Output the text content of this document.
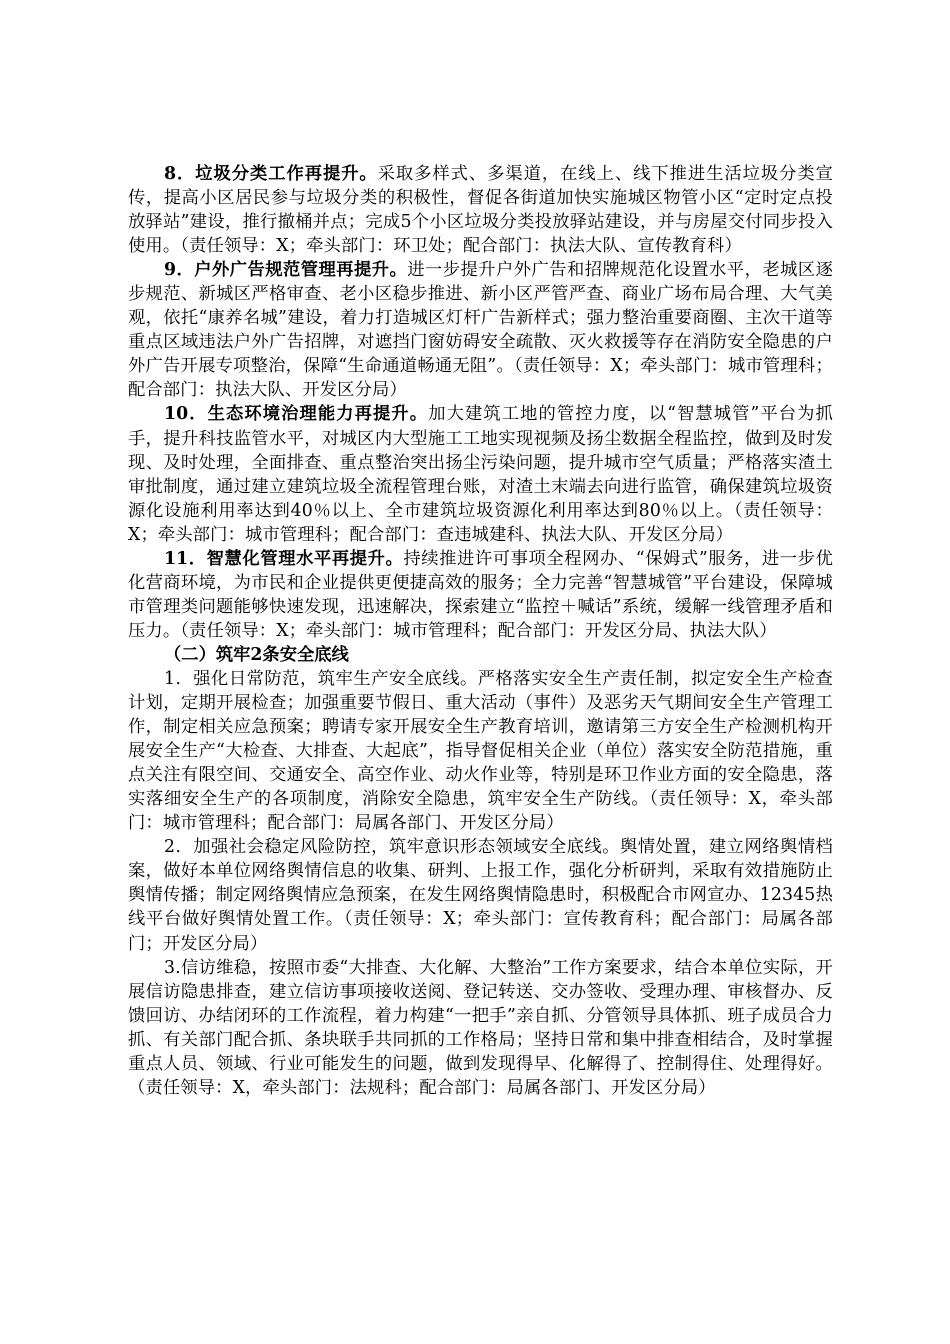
8．垃圾分类工作再提升。采取多样式、多渠道，在线上、线下推进生活垃圾分类宣传，提高小区居民参与垃圾分类的积极性，督促各街道加快实施城区物管小区“定时定点投放驿站”建设，推行撤桶并点；完成5个小区垃圾分类投放驿站建设，并与房屋交付同步投入使用。（责任领导：X；牵头部门：环卫处；配合部门：执法大队、宣传教育科）

9．户外广告规范管理再提升。进一步提升户外广告和招牌规范化设置水平，老城区逐步规范、新城区严格审查、老小区稳步推进、新小区严管严查、商业广场布局合理、大气美观，依托“康养名城”建设，着力打造城区灯杆广告新样式；强力整治重要商圈、主次干道等重点区域违法户外广告招牌，对遮挡门窗妨碍安全疏散、灭火救援等存在消防安全隐患的户外广告开展专项整治，保障“生命通道畅通无阻”。（责任领导：X；牵头部门：城市管理科；配合部门：执法大队、开发区分局）

10．生态环境治理能力再提升。加大建筑工地的管控力度，以“智慧城管”平台为抓手，提升科技监管水平，对城区内大型施工工地实现视频及扬尘数据全程监控，做到及时发现、及时处理，全面排查、重点整治突出扬尘污染问题，提升城市空气质量；严格落实渣土审批制度，通过建立建筑垃圾全流程管理台账，对渣土末端去向进行监管，确保建筑垃圾资源化设施利用率达到40％以上、全市建筑垃圾资源化利用率达到80％以上。（责任领导：X；牵头部门：城市管理科；配合部门：查违城建科、执法大队、开发区分局）

11．智慧化管理水平再提升。持续推进许可事项全程网办、“保姆式”服务，进一步优化营商环境，为市民和企业提供更便捷高效的服务；全力完善“智慧城管”平台建设，保障城市管理类问题能够快速发现，迅速解决，探索建立“监控＋喊话”系统，缓解一线管理矛盾和压力。（责任领导：X；牵头部门：城市管理科；配合部门：开发区分局、执法大队）

（二）筑牢2条安全底线

1．强化日常防范，筑牢生产安全底线。严格落实安全生产责任制，拟定安全生产检查计划，定期开展检查；加强重要节假日、重大活动（事件）及恶劣天气期间安全生产管理工作，制定相关应急预案；聘请专家开展安全生产教育培训，邀请第三方安全生产检测机构开展安全生产“大检查、大排查、大起底”，指导督促相关企业（单位）落实安全防范措施，重点关注有限空间、交通安全、高空作业、动火作业等，特别是环卫作业方面的安全隐患，落实落细安全生产的各项制度，消除安全隐患，筑牢安全生产防线。（责任领导：X，牵头部门：城市管理科；配合部门：局属各部门、开发区分局）

2．加强社会稳定风险防控，筑牢意识形态领域安全底线。舆情处置，建立网络舆情档案，做好本单位网络舆情信息的收集、研判、上报工作，强化分析研判，采取有效措施防止舆情传播；制定网络舆情应急预案，在发生网络舆情隐患时，积极配合市网宣办、12345热线平台做好舆情处置工作。（责任领导：X；牵头部门：宣传教育科；配合部门：局属各部门；开发区分局）

3.信访维稳，按照市委“大排查、大化解、大整治”工作方案要求，结合本单位实际，开展信访隐患排查，建立信访事项接收送阅、登记转送、交办签收、受理办理、审核督办、反馈回访、办结闭环的工作流程，着力构建“一把手”亲自抓、分管领导具体抓、班子成员合力抓、有关部门配合抓、条块联手共同抓的工作格局；坚持日常和集中排查相结合，及时掌握重点人员、领域、行业可能发生的问题，做到发现得早、化解得了、控制得住、处理得好。（责任领导：X，牵头部门：法规科；配合部门：局属各部门、开发区分局）
